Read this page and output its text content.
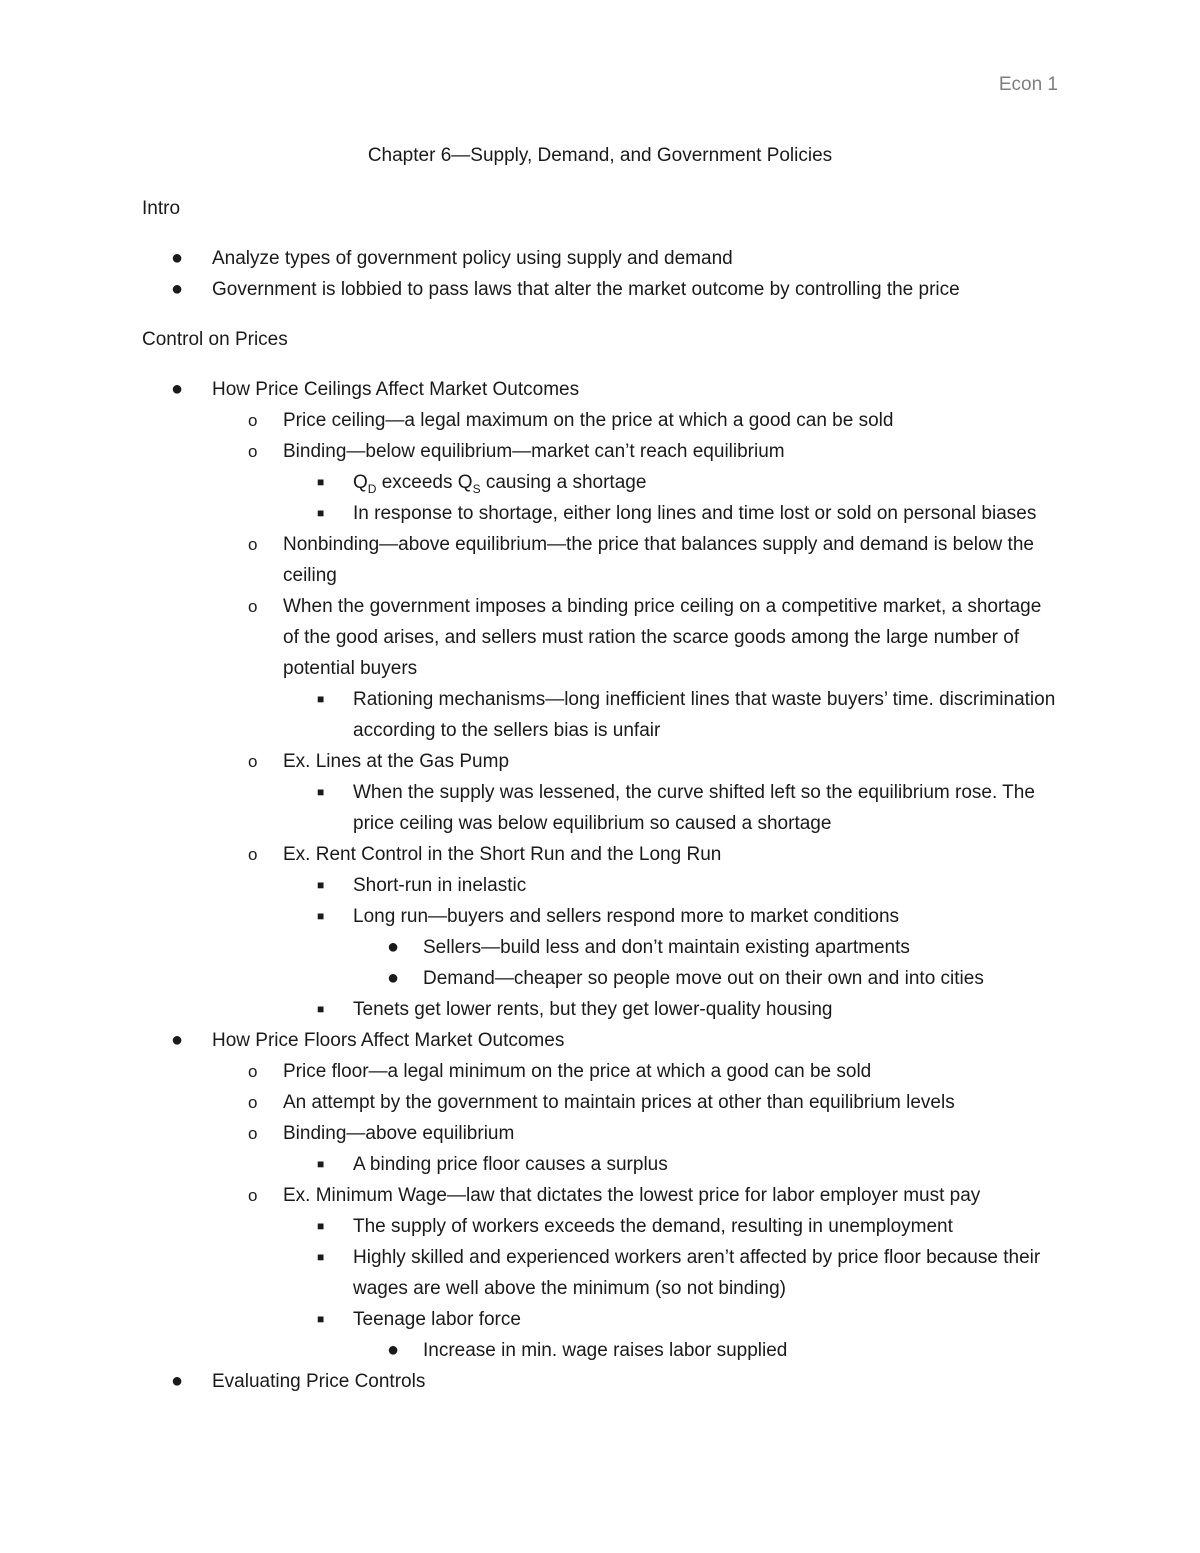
Econ 1
Chapter 6—Supply, Demand, and Government Policies
Intro
● Analyze types of government policy using supply and demand
● Government is lobbied to pass laws that alter the market outcome by controlling the price
Control on Prices
● How Price Ceilings Affect Market Outcomes
o Price ceiling—a legal maximum on the price at which a good can be sold
o Binding—below equilibrium—market can’t reach equilibrium
■ $Q_D$ exceeds $Q_S$ causing a shortage
■ In response to shortage, either long lines and time lost or sold on personal biases
o Nonbinding—above equilibrium—the price that balances supply and demand is below the ceiling
o When the government imposes a binding price ceiling on a competitive market, a shortage of the good arises, and sellers must ration the scarce goods among the large number of potential buyers
■ Rationing mechanisms—long inefficient lines that waste buyers’ time. discrimination according to the sellers bias is unfair
o Ex. Lines at the Gas Pump
■ When the supply was lessened, the curve shifted left so the equilibrium rose. The price ceiling was below equilibrium so caused a shortage
o Ex. Rent Control in the Short Run and the Long Run
■ Short-run in inelastic
■ Long run—buyers and sellers respond more to market conditions
● Sellers—build less and don’t maintain existing apartments
● Demand—cheaper so people move out on their own and into cities
■ Tenets get lower rents, but they get lower-quality housing
● How Price Floors Affect Market Outcomes
o Price floor—a legal minimum on the price at which a good can be sold
o An attempt by the government to maintain prices at other than equilibrium levels
o Binding—above equilibrium
■ A binding price floor causes a surplus
o Ex. Minimum Wage—law that dictates the lowest price for labor employer must pay
■ The supply of workers exceeds the demand, resulting in unemployment
■ Highly skilled and experienced workers aren’t affected by price floor because their wages are well above the minimum (so not binding)
■ Teenage labor force
● Increase in min. wage raises labor supplied
● Evaluating Price Controls
